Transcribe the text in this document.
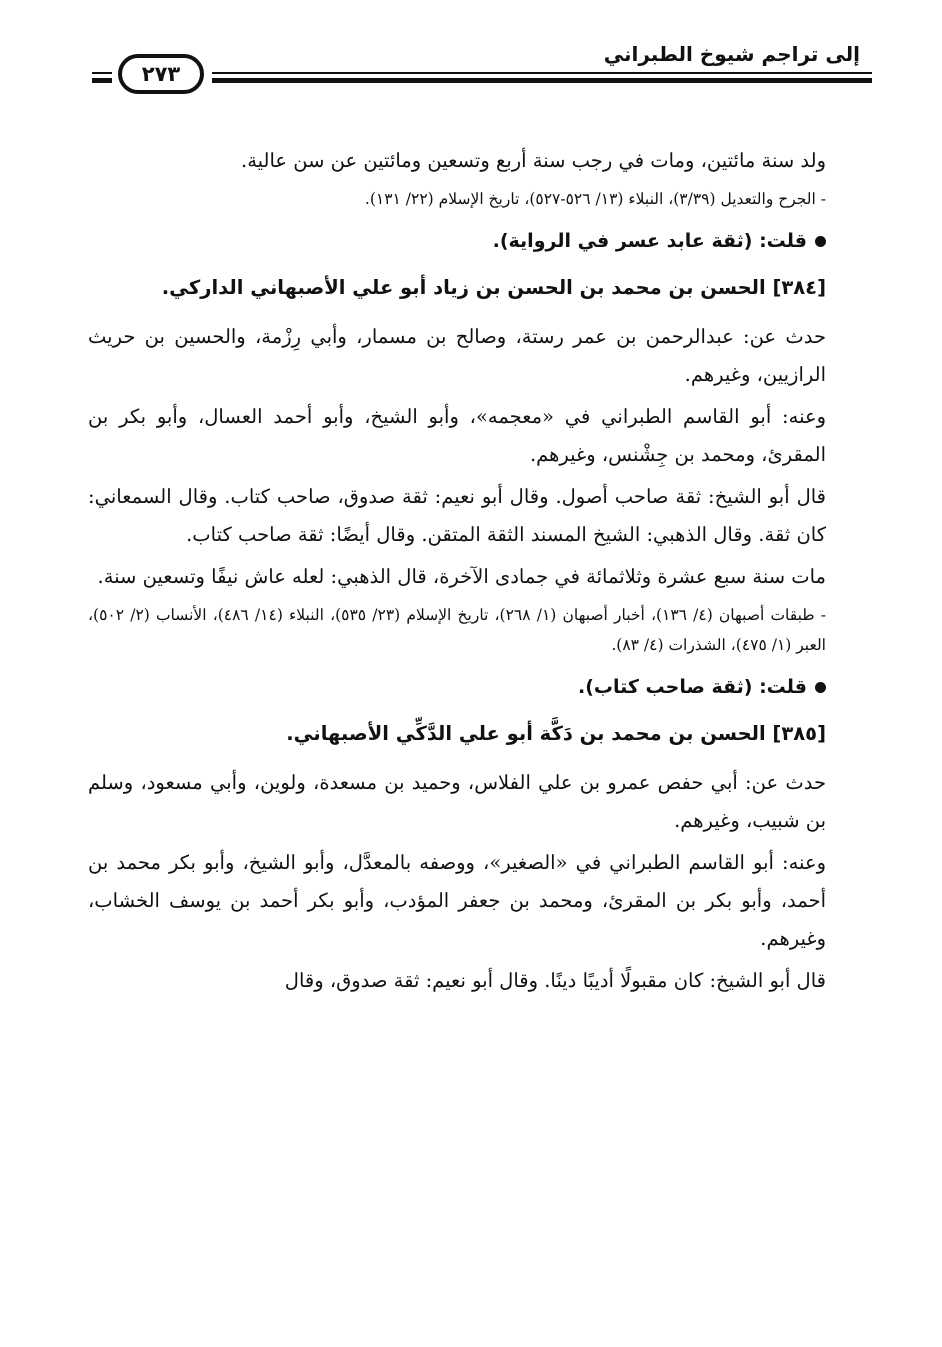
إلى تراجم شيوخ الطبراني
٢٧٣

ولد سنة مائتين، ومات في رجب سنة أربع وتسعين ومائتين عن سن عالية.

- الجرح والتعديل (٣/٣٩)، النبلاء (١٣/ ٥٢٦-٥٢٧)، تاريخ الإسلام (٢٢/ ١٣١).

قلت: (ثقة عابد عسر في الرواية).

[٣٨٤] الحسن بن محمد بن الحسن بن زياد أبو علي الأصبهاني الداركي.

حدث عن: عبدالرحمن بن عمر رستة، وصالح بن مسمار، وأبي رِزْمة، والحسين بن حريث الرازيين، وغيرهم.

وعنه: أبو القاسم الطبراني في «معجمه»، وأبو الشيخ، وأبو أحمد العسال، وأبو بكر بن المقرئ، ومحمد بن جِشْنس، وغيرهم.

قال أبو الشيخ: ثقة صاحب أصول. وقال أبو نعيم: ثقة صدوق، صاحب كتاب. وقال السمعاني: كان ثقة. وقال الذهبي: الشيخ المسند الثقة المتقن. وقال أيضًا: ثقة صاحب كتاب.

مات سنة سبع عشرة وثلاثمائة في جمادى الآخرة، قال الذهبي: لعله عاش نيفًا وتسعين سنة.

- طبقات أصبهان (٤/ ١٣٦)، أخبار أصبهان (١/ ٢٦٨)، تاريخ الإسلام (٢٣/ ٥٣٥)، النبلاء (١٤/ ٤٨٦)، الأنساب (٢/ ٥٠٢)، العبر (١/ ٤٧٥)، الشذرات (٤/ ٨٣).

قلت: (ثقة صاحب كتاب).

[٣٨٥] الحسن بن محمد بن دَكَّة أبو علي الدَّكِّي الأصبهاني.

حدث عن: أبي حفص عمرو بن علي الفلاس، وحميد بن مسعدة، ولوين، وأبي مسعود، وسلم بن شبيب، وغيرهم.

وعنه: أبو القاسم الطبراني في «الصغير»، ووصفه بالمعدَّل، وأبو الشيخ، وأبو بكر محمد بن أحمد، وأبو بكر بن المقرئ، ومحمد بن جعفر المؤدب، وأبو بكر أحمد بن يوسف الخشاب، وغيرهم.

قال أبو الشيخ: كان مقبولًا أديبًا دينًا. وقال أبو نعيم: ثقة صدوق، وقال
